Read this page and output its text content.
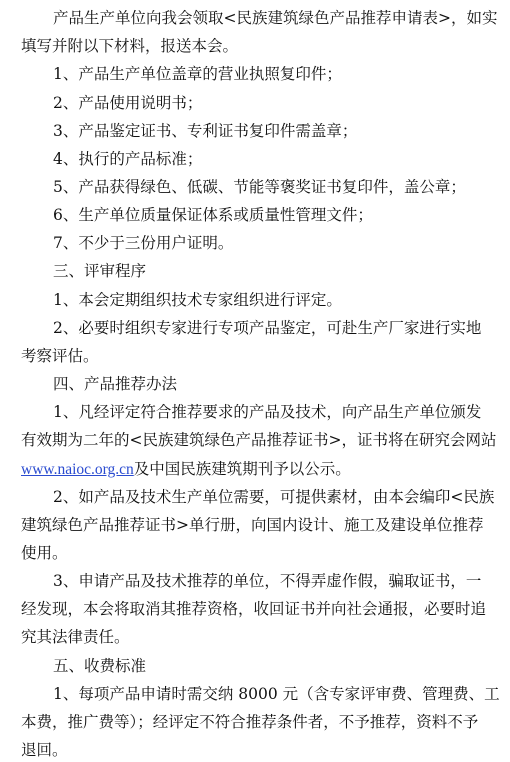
产品生产单位向我会领取<民族建筑绿色产品推荐申请表>，如实
填写并附以下材料，报送本会。
1、产品生产单位盖章的营业执照复印件；
2、产品使用说明书；
3、产品鉴定证书、专利证书复印件需盖章；
4、执行的产品标准；
5、产品获得绿色、低碳、节能等褒奖证书复印件，盖公章；
6、生产单位质量保证体系或质量性管理文件；
7、不少于三份用户证明。
三、评审程序
1、本会定期组织技术专家组织进行评定。
2、必要时组织专家进行专项产品鉴定，可赴生产厂家进行实地
考察评估。
四、产品推荐办法
1、凡经评定符合推荐要求的产品及技术，向产品生产单位颁发
有效期为二年的<民族建筑绿色产品推荐证书>，证书将在研究会网站
www.naioc.org.cn及中国民族建筑期刊予以公示。
2、如产品及技术生产单位需要，可提供素材，由本会编印<民族
建筑绿色产品推荐证书>单行册，向国内设计、施工及建设单位推荐
使用。
3、申请产品及技术推荐的单位，不得弄虚作假，骗取证书，一
经发现，本会将取消其推荐资格，收回证书并向社会通报，必要时追
究其法律责任。
五、收费标准
1、每项产品申请时需交纳 8000 元（含专家评审费、管理费、工
本费，推广费等）；经评定不符合推荐条件者，不予推荐，资料不予
退回。
